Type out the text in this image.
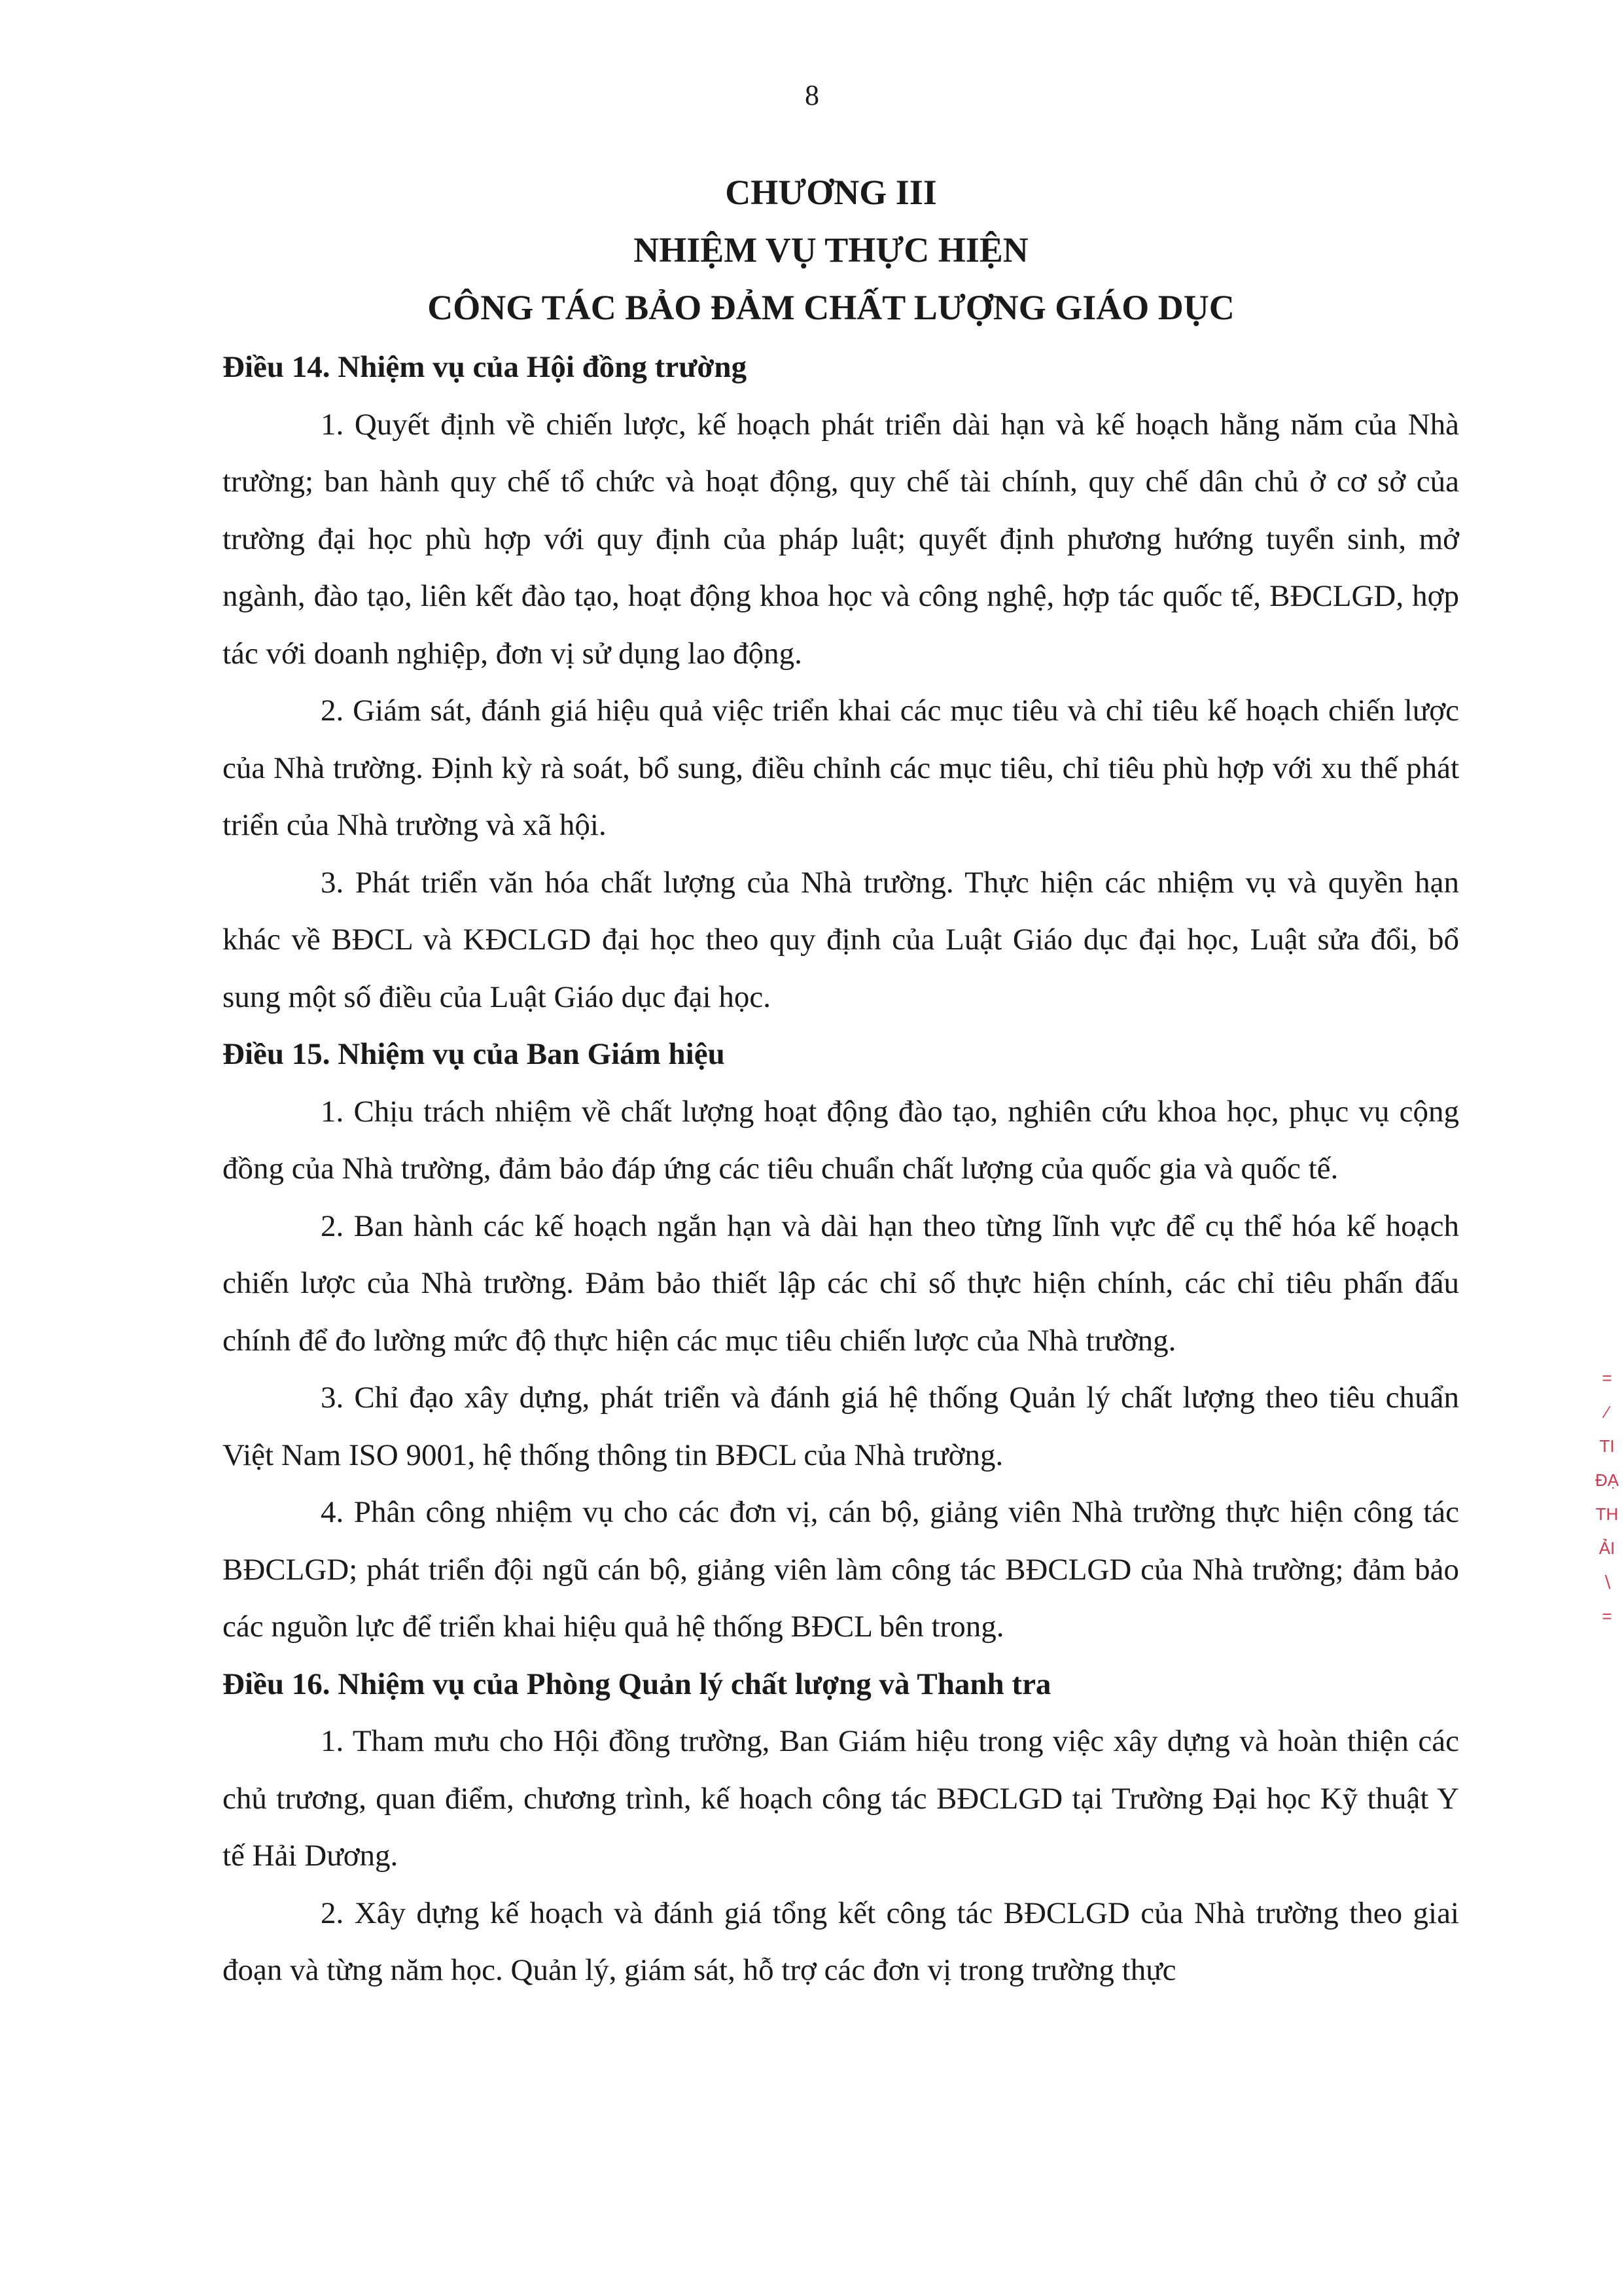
8
CHƯƠNG III
NHIỆM VỤ THỰC HIỆN
CÔNG TÁC BẢO ĐẢM CHẤT LƯỢNG GIÁO DỤC

Điều 14. Nhiệm vụ của Hội đồng trường

1. Quyết định về chiến lược, kế hoạch phát triển dài hạn và kế hoạch hằng năm của Nhà trường; ban hành quy chế tổ chức và hoạt động, quy chế tài chính, quy chế dân chủ ở cơ sở của trường đại học phù hợp với quy định của pháp luật; quyết định phương hướng tuyển sinh, mở ngành, đào tạo, liên kết đào tạo, hoạt động khoa học và công nghệ, hợp tác quốc tế, BĐCLGD, hợp tác với doanh nghiệp, đơn vị sử dụng lao động.

2. Giám sát, đánh giá hiệu quả việc triển khai các mục tiêu và chỉ tiêu kế hoạch chiến lược của Nhà trường. Định kỳ rà soát, bổ sung, điều chỉnh các mục tiêu, chỉ tiêu phù hợp với xu thế phát triển của Nhà trường và xã hội.

3. Phát triển văn hóa chất lượng của Nhà trường. Thực hiện các nhiệm vụ và quyền hạn khác về BĐCL và KĐCLGD đại học theo quy định của Luật Giáo dục đại học, Luật sửa đổi, bổ sung một số điều của Luật Giáo dục đại học.

Điều 15. Nhiệm vụ của Ban Giám hiệu

1. Chịu trách nhiệm về chất lượng hoạt động đào tạo, nghiên cứu khoa học, phục vụ cộng đồng của Nhà trường, đảm bảo đáp ứng các tiêu chuẩn chất lượng của quốc gia và quốc tế.

2. Ban hành các kế hoạch ngắn hạn và dài hạn theo từng lĩnh vực để cụ thể hóa kế hoạch chiến lược của Nhà trường. Đảm bảo thiết lập các chỉ số thực hiện chính, các chỉ tiêu phấn đấu chính để đo lường mức độ thực hiện các mục tiêu chiến lược của Nhà trường.

3. Chỉ đạo xây dựng, phát triển và đánh giá hệ thống Quản lý chất lượng theo tiêu chuẩn Việt Nam ISO 9001, hệ thống thông tin BĐCL của Nhà trường.

4. Phân công nhiệm vụ cho các đơn vị, cán bộ, giảng viên Nhà trường thực hiện công tác BĐCLGD; phát triển đội ngũ cán bộ, giảng viên làm công tác BĐCLGD của Nhà trường; đảm bảo các nguồn lực để triển khai hiệu quả hệ thống BĐCL bên trong.

Điều 16. Nhiệm vụ của Phòng Quản lý chất lượng và Thanh tra

1. Tham mưu cho Hội đồng trường, Ban Giám hiệu trong việc xây dựng và hoàn thiện các chủ trương, quan điểm, chương trình, kế hoạch công tác BĐCLGD tại Trường Đại học Kỹ thuật Y tế Hải Dương.

2. Xây dựng kế hoạch và đánh giá tổng kết công tác BĐCLGD của Nhà trường theo giai đoạn và từng năm học. Quản lý, giám sát, hỗ trợ các đơn vị trong trường thực

=
∕
TI
ĐẠ
TH
ẢI
∖
=
